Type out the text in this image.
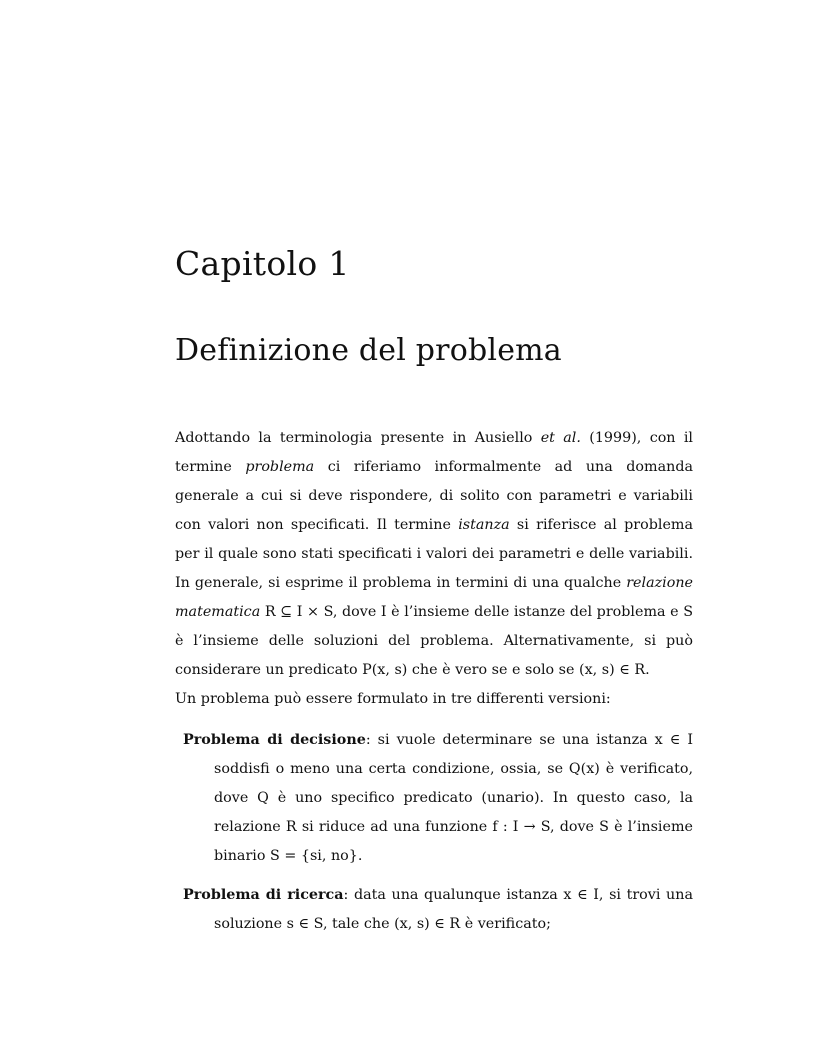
Capitolo 1
Definizione del problema

Adottando la terminologia presente in Ausiello et al. (1999), con il termine problema ci riferiamo informalmente ad una domanda generale a cui si deve rispondere, di solito con parametri e variabili con valori non specificati. Il termine istanza si riferisce al problema per il quale sono stati specificati i valori dei parametri e delle variabili. In generale, si esprime il problema in termini di una qualche relazione matematica R ⊆ I × S, dove I è l’insieme delle istanze del problema e S è l’insieme delle soluzioni del problema. Alternativamente, si può considerare un predicato P(x, s) che è vero se e solo se (x, s) ∈ R.

Un problema può essere formulato in tre differenti versioni:

Problema di decisione: si vuole determinare se una istanza x ∈ I soddisfi o meno una certa condizione, ossia, se Q(x) è verificato, dove Q è uno specifico predicato (unario). In questo caso, la relazione R si riduce ad una funzione f : I → S, dove S è l’insieme binario S = {si, no}.
Problema di ricerca: data una qualunque istanza x ∈ I, si trovi una soluzione s ∈ S, tale che (x, s) ∈ R è verificato;
